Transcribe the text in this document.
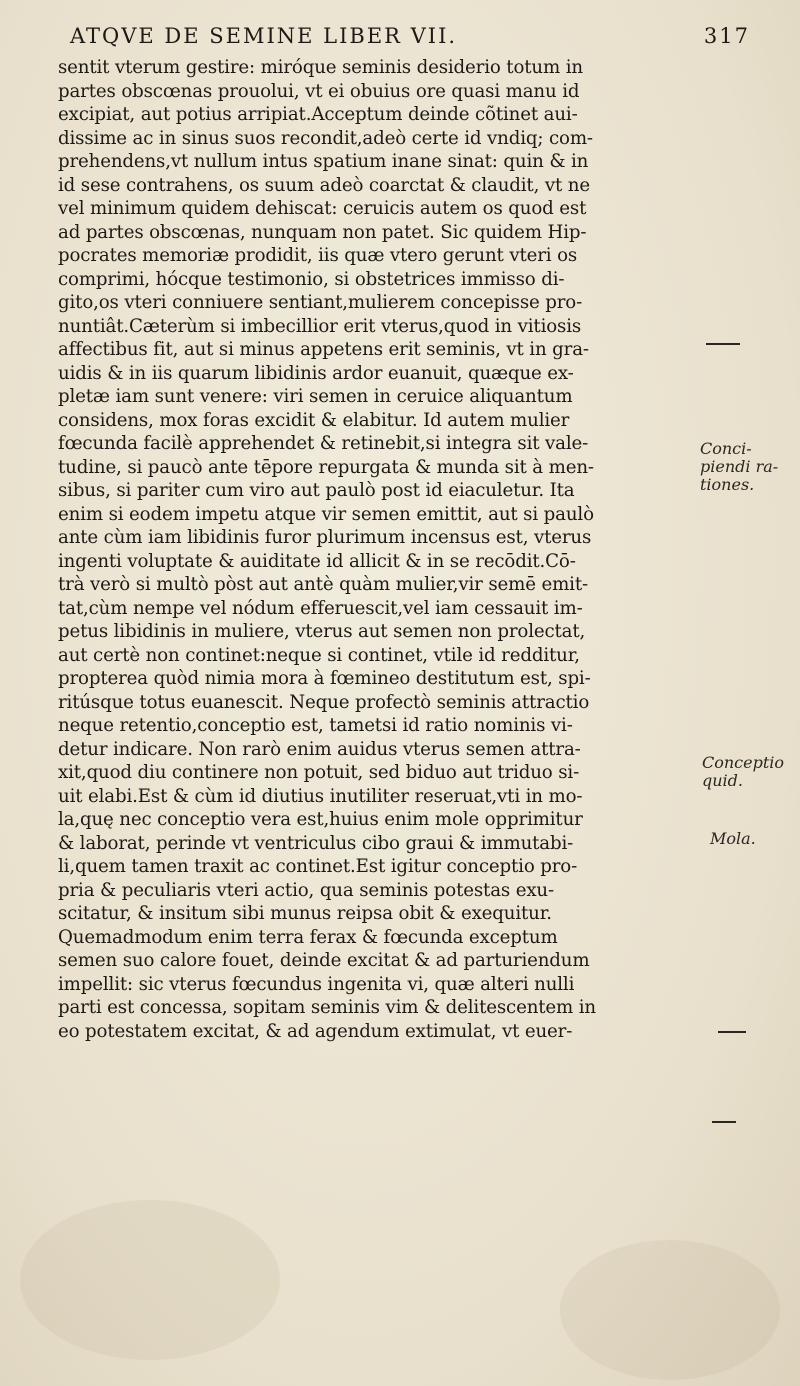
ATQVE DE SEMINE LIBER VII.	317
sentit vterum gestire: miróque seminis desiderio totum in
partes obscœnas prouolui, vt ei obuius ore quasi manu id
excipiat, aut potius arripiat.Acceptum deinde cõtinet aui-
dissime ac in sinus suos recondit,adeò certe id vndiq; com-
prehendens,vt nullum intus spatium inane sinat: quin & in
id sese contrahens, os suum adeò coarctat & claudit, vt ne
vel minimum quidem dehiscat: ceruicis autem os quod est
ad partes obscœnas, nunquam non patet. Sic quidem Hip-
pocrates memoriæ prodidit, iis quæ vtero gerunt vteri os
comprimi, hócque testimonio, si obstetrices immisso di-
gito,os vteri conniuere sentiant,mulierem concepisse pro-
nuntiât.Cæterùm si imbecillior erit vterus,quod in vitiosis
affectibus fit, aut si minus appetens erit seminis, vt in gra-
uidis & in iis quarum libidinis ardor euanuit, quæque ex-
pletæ iam sunt venere: viri semen in ceruice aliquantum
considens, mox foras excidit & elabitur. Id autem mulier
fœcunda facilè apprehendet & retinebit,si integra sit vale-
tudine, si paucò ante tēpore repurgata & munda sit à men-
sibus, si pariter cum viro aut paulò post id eiaculetur. Ita
enim si eodem impetu atque vir semen emittit, aut si paulò
ante cùm iam libidinis furor plurimum incensus est, vterus
ingenti voluptate & auiditate id allicit & in se recōdit.Cō-
trà verò si multò pòst aut antè quàm mulier,vir semē emit-
tat,cùm nempe vel nódum efferuescit,vel iam cessauit im-
petus libidinis in muliere, vterus aut semen non prolectat,
aut certè non continet:neque si continet, vtile id redditur,
propterea quòd nimia mora à fœmineo destitutum est, spi-
ritúsque totus euanescit. Neque profectò seminis attractio
neque retentio,conceptio est, tametsi id ratio nominis vi-
detur indicare. Non rarò enim auidus vterus semen attra-
xit,quod diu continere non potuit, sed biduo aut triduo si-
uit elabi.Est & cùm id diutius inutiliter reseruat,vti in mo-
la,quę nec conceptio vera est,huius enim mole opprimitur
& laborat, perinde vt ventriculus cibo graui & immutabi-
li,quem tamen traxit ac continet.Est igitur conceptio pro-
pria & peculiaris vteri actio, qua seminis potestas exu-
scitatur, & insitum sibi munus reipsa obit & exequitur.
Quemadmodum enim terra ferax & fœcunda exceptum
semen suo calore fouet, deinde excitat & ad parturiendum
impellit: sic vterus fœcundus ingenita vi, quæ alteri nulli
parti est concessa, sopitam seminis vim & delitescentem in
eo potestatem excitat, & ad agendum extimulat, vt euer-
Conci-
piendi ra-
tiones.
Conceptio quid.
Mola.
